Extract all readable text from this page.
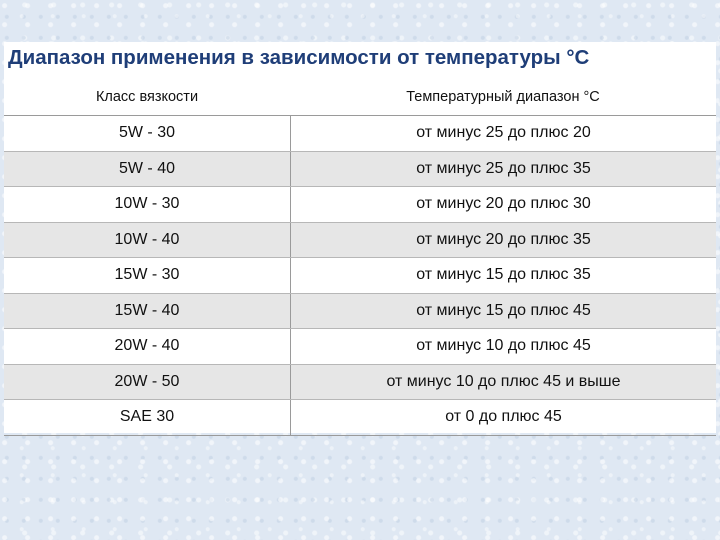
Диапазон применения в зависимости от температуры °С
Класс вязкости	Температурный диапазон °С
5W - 30	от минус 25 до плюс 20
5W - 40	от минус 25 до плюс 35
10W - 30	от минус 20 до плюс 30
10W - 40	от минус 20 до плюс 35
15W - 30	от минус 15 до плюс 35
15W - 40	от минус 15 до плюс 45
20W - 40	от минус 10 до плюс 45
20W - 50	от минус 10 до плюс 45 и выше
SAE 30	от 0 до плюс 45
